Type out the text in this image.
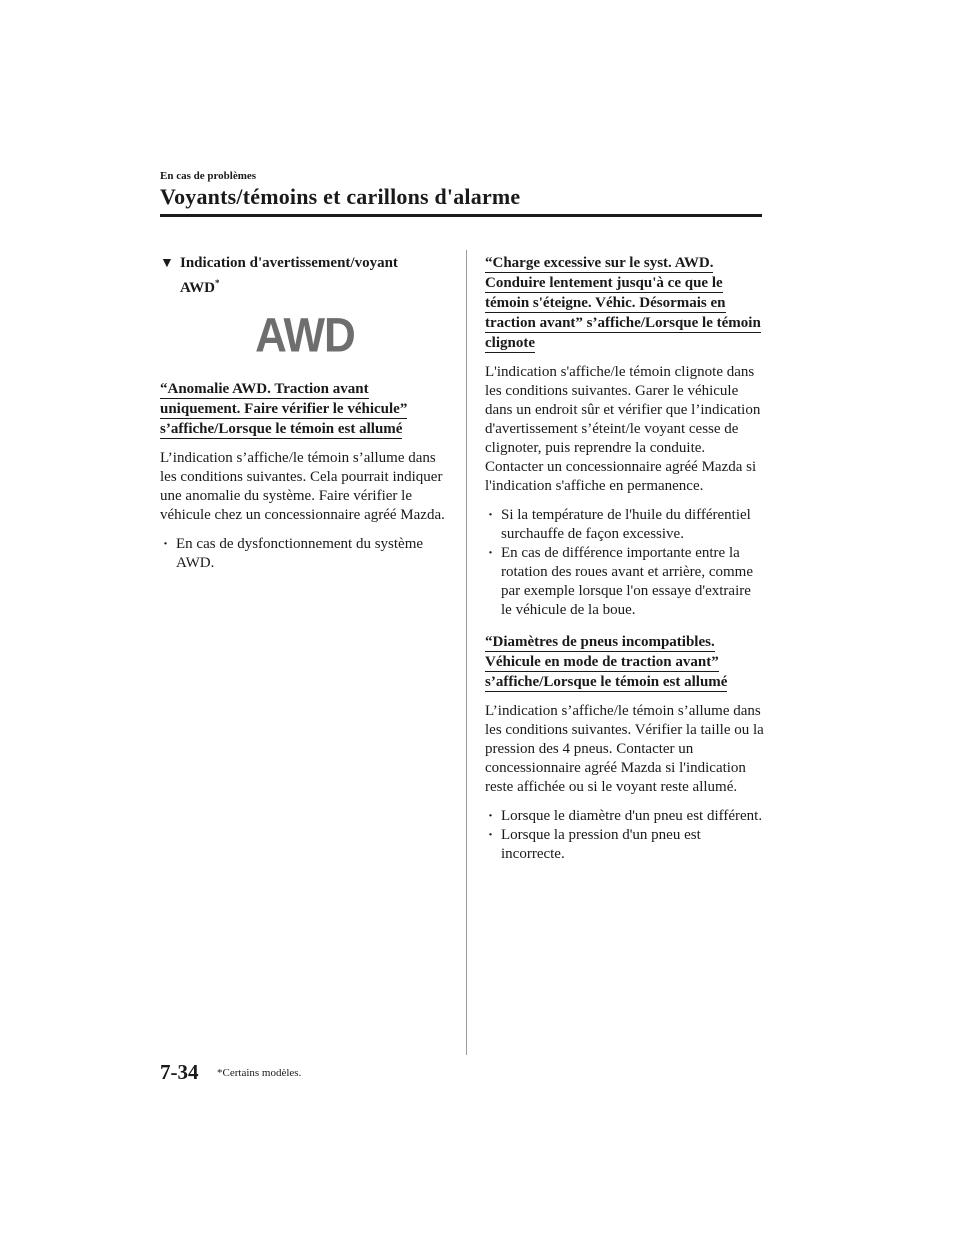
En cas de problèmes
Voyants/témoins et carillons d'alarme
▼ Indication d'avertissement/voyant
AWD*
AWD
“Anomalie AWD. Traction avant uniquement. Faire vérifier le véhicule” s’affiche/Lorsque le témoin est allumé

L’indication s’affiche/le témoin s’allume dans les conditions suivantes. Cela pourrait indiquer une anomalie du système. Faire vérifier le véhicule chez un concessionnaire agréé Mazda.

· En cas de dysfonctionnement du système AWD.
“Charge excessive sur le syst. AWD. Conduire lentement jusqu'à ce que le témoin s'éteigne. Véhic. Désormais en traction avant” s’affiche/Lorsque le témoin clignote

L'indication s'affiche/le témoin clignote dans les conditions suivantes. Garer le véhicule dans un endroit sûr et vérifier que l’indication d'avertissement s’éteint/le voyant cesse de clignoter, puis reprendre la conduite. Contacter un concessionnaire agréé Mazda si l'indication s'affiche en permanence.

· Si la température de l'huile du différentiel surchauffe de façon excessive.
· En cas de différence importante entre la rotation des roues avant et arrière, comme par exemple lorsque l'on essaye d'extraire le véhicule de la boue.
“Diamètres de pneus incompatibles. Véhicule en mode de traction avant” s’affiche/Lorsque le témoin est allumé

L’indication s’affiche/le témoin s’allume dans les conditions suivantes. Vérifier la taille ou la pression des 4 pneus. Contacter un concessionnaire agréé Mazda si l'indication reste affichée ou si le voyant reste allumé.

· Lorsque le diamètre d'un pneu est différent.
· Lorsque la pression d'un pneu est incorrecte.
7-34 *Certains modèles.
